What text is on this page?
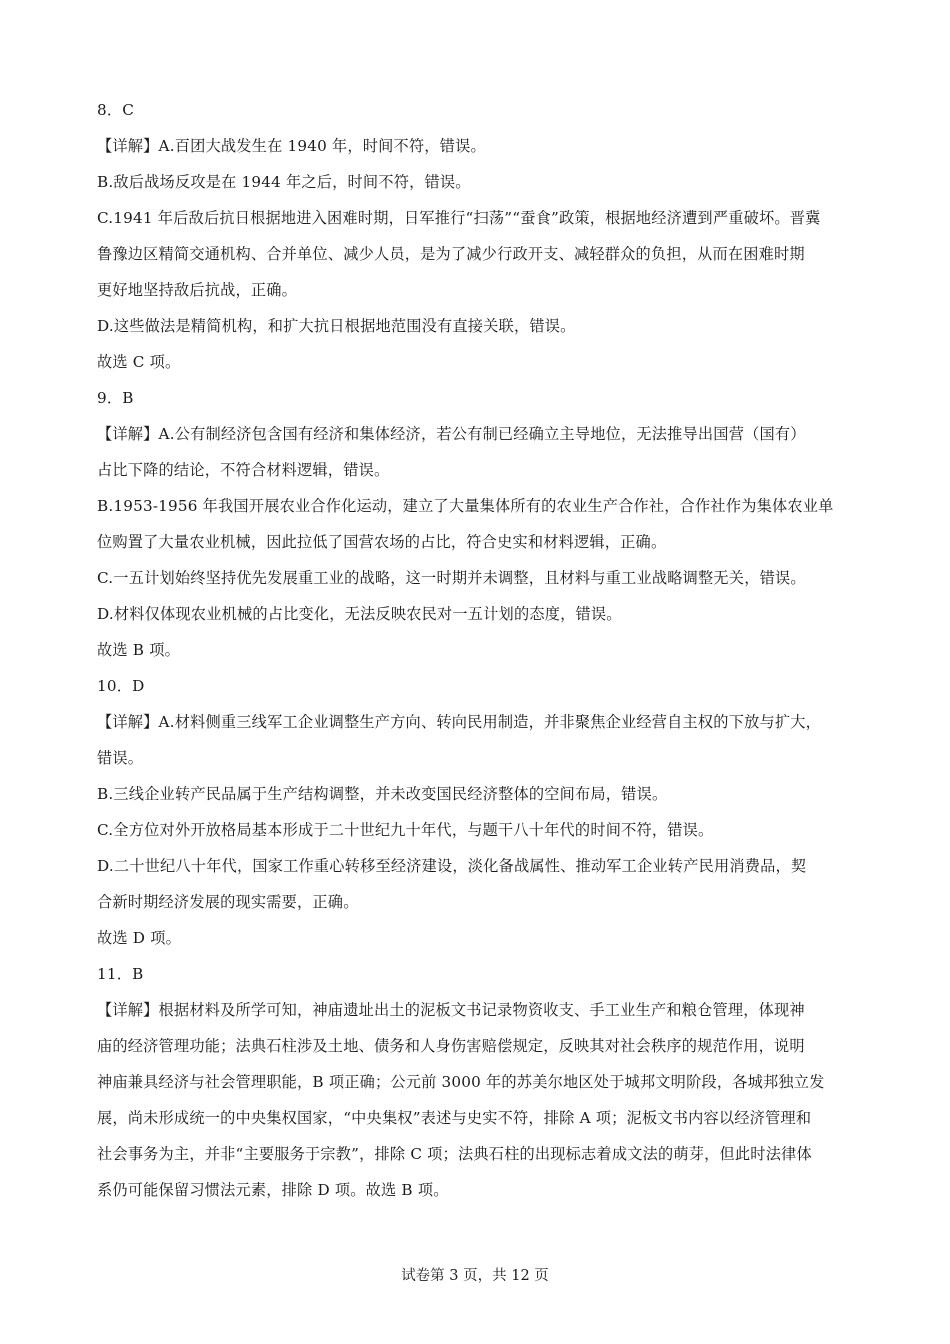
8．C
【详解】A.百团大战发生在 1940 年，时间不符，错误。
B.敌后战场反攻是在 1944 年之后，时间不符，错误。
C.1941 年后敌后抗日根据地进入困难时期，日军推行“扫荡”“蚕食”政策，根据地经济遭到严重破坏。晋冀
鲁豫边区精简交通机构、合并单位、减少人员，是为了减少行政开支、减轻群众的负担，从而在困难时期
更好地坚持敌后抗战，正确。
D.这些做法是精简机构，和扩大抗日根据地范围没有直接关联，错误。
故选 C 项。
9．B
【详解】A.公有制经济包含国有经济和集体经济，若公有制已经确立主导地位，无法推导出国营（国有）
占比下降的结论，不符合材料逻辑，错误。
B.1953-1956 年我国开展农业合作化运动，建立了大量集体所有的农业生产合作社，合作社作为集体农业单
位购置了大量农业机械，因此拉低了国营农场的占比，符合史实和材料逻辑，正确。
C.一五计划始终坚持优先发展重工业的战略，这一时期并未调整，且材料与重工业战略调整无关，错误。
D.材料仅体现农业机械的占比变化，无法反映农民对一五计划的态度，错误。
故选 B 项。
10．D
【详解】A.材料侧重三线军工企业调整生产方向、转向民用制造，并非聚焦企业经营自主权的下放与扩大，
错误。
B.三线企业转产民品属于生产结构调整，并未改变国民经济整体的空间布局，错误。
C.全方位对外开放格局基本形成于二十世纪九十年代，与题干八十年代的时间不符，错误。
D.二十世纪八十年代，国家工作重心转移至经济建设，淡化备战属性、推动军工企业转产民用消费品，契
合新时期经济发展的现实需要，正确。
故选 D 项。
11．B
【详解】根据材料及所学可知，神庙遗址出土的泥板文书记录物资收支、手工业生产和粮仓管理，体现神
庙的经济管理功能；法典石柱涉及土地、债务和人身伤害赔偿规定，反映其对社会秩序的规范作用，说明
神庙兼具经济与社会管理职能，B 项正确；公元前 3000 年的苏美尔地区处于城邦文明阶段，各城邦独立发
展，尚未形成统一的中央集权国家，“中央集权”表述与史实不符，排除 A 项；泥板文书内容以经济管理和
社会事务为主，并非“主要服务于宗教”，排除 C 项；法典石柱的出现标志着成文法的萌芽，但此时法律体
系仍可能保留习惯法元素，排除 D 项。故选 B 项。
试卷第 3 页，共 12 页
